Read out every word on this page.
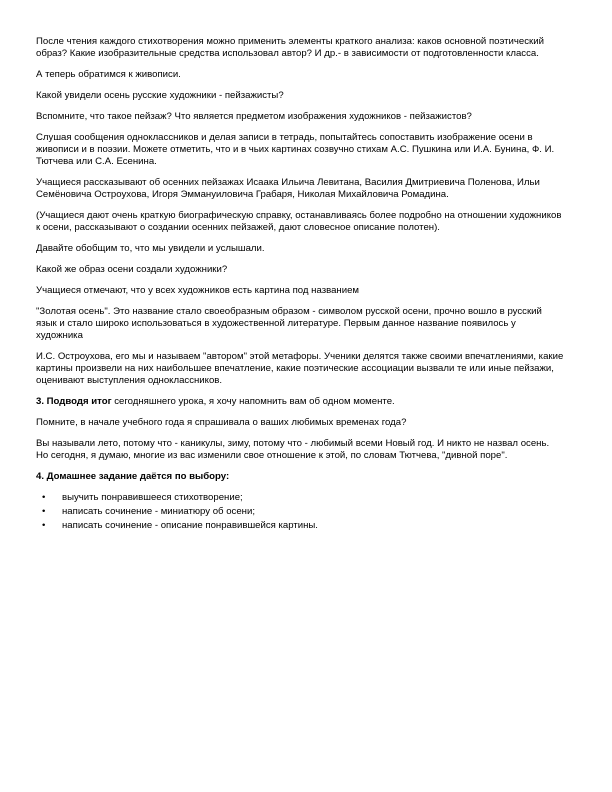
После чтения каждого стихотворения можно применить элементы краткого анализа: каков основной поэтический образ? Какие изобразительные средства использовал автор? И др.- в зависимости от подготовленности класса.

А теперь обратимся к живописи.

Какой увидели осень русские художники - пейзажисты?

Вспомните, что такое пейзаж? Что является предметом изображения художников - пейзажистов?

Слушая сообщения одноклассников и делая записи в тетрадь, попытайтесь сопоставить изображение осени в живописи и в поэзии. Можете отметить, что и в чьих картинах созвучно стихам А.С. Пушкина или И.А. Бунина, Ф. И. Тютчева или С.А. Есенина.

Учащиеся рассказывают об осенних пейзажах Исаака Ильича Левитана, Василия Дмитриевича Поленова, Ильи Семёновича Остроухова, Игоря Эммануиловича Грабаря, Николая Михайловича Ромадина.

(Учащиеся дают очень краткую биографическую справку, останавливаясь более подробно на отношении художников к осени, рассказывают о создании осенних пейзажей, дают словесное описание полотен).

Давайте обобщим то, что мы увидели и услышали.

Какой же образ осени создали художники?

Учащиеся отмечают, что у всех художников есть картина под названием

"Золотая осень". Это название стало своеобразным образом - символом русской осени, прочно вошло в русский язык и стало широко использоваться в художественной литературе. Первым данное название появилось у художника

И.С. Остроухова, его мы и называем "автором" этой метафоры. Ученики делятся также своими впечатлениями, какие картины произвели на них наибольшее впечатление, какие поэтические ассоциации вызвали те или иные пейзажи, оценивают выступления одноклассников.

3. Подводя итог сегодняшнего урока, я хочу напомнить вам об одном моменте.

Помните, в начале учебного года я спрашивала о ваших любимых временах года?

Вы называли лето, потому что - каникулы, зиму, потому что - любимый всеми Новый год. И никто не назвал осень. Но сегодня, я думаю, многие из вас изменили свое отношение к этой, по словам Тютчева, "дивной поре".

4. Домашнее задание даётся по выбору:

• выучить понравившееся стихотворение;
• написать сочинение - миниатюру об осени;
• написать сочинение - описание понравившейся картины.
